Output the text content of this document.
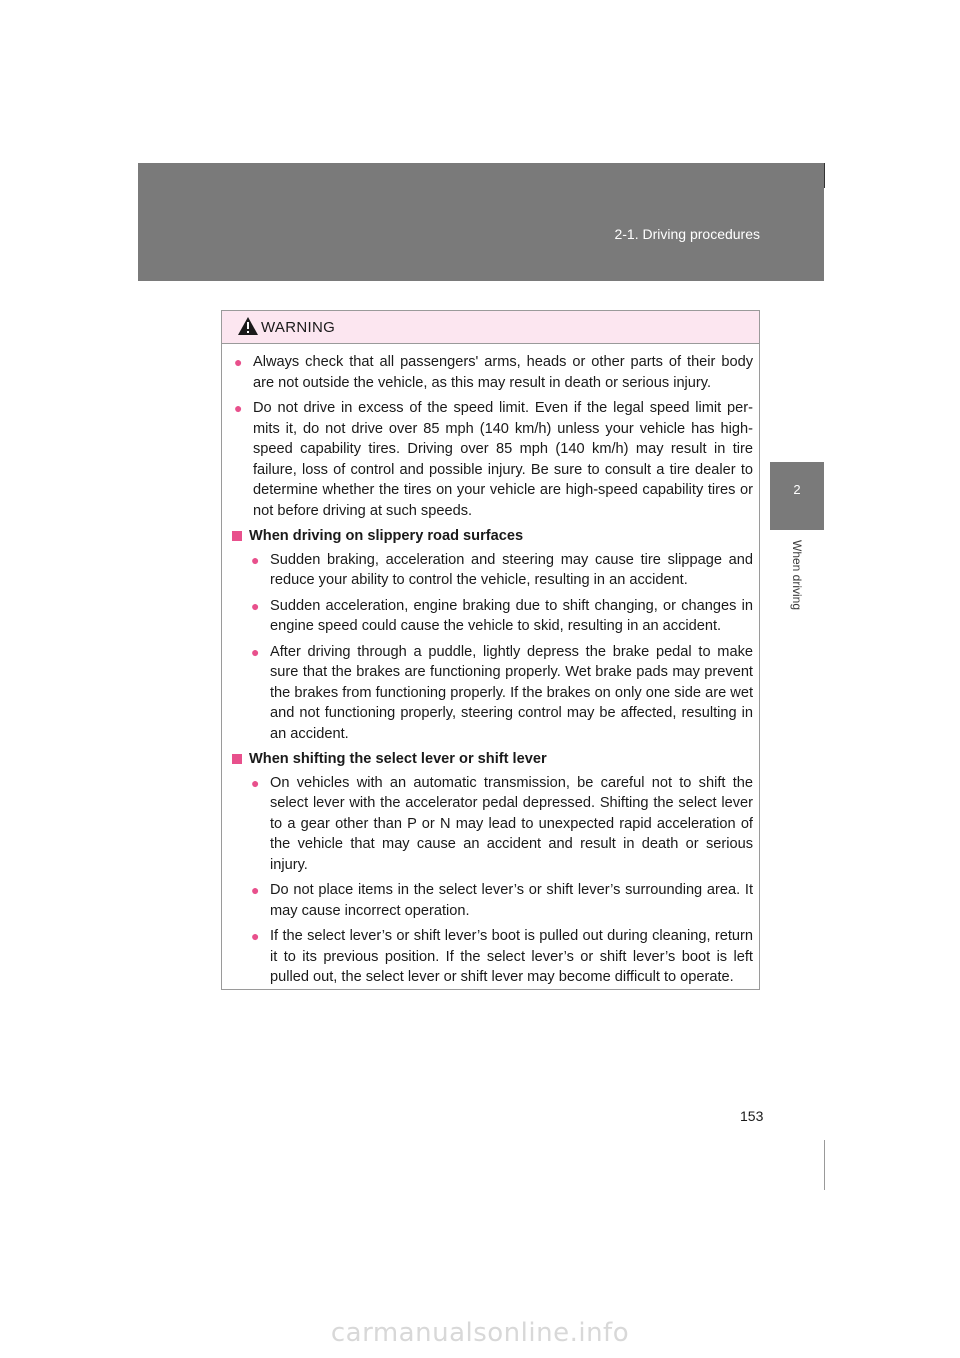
2-1. Driving procedures
2
When driving
WARNING
● Always check that all passengers' arms, heads or other parts of their body are not outside the vehicle, as this may result in death or serious injury.
● Do not drive in excess of the speed limit. Even if the legal speed limit per-mits it, do not drive over 85 mph (140 km/h) unless your vehicle has high-speed capability tires. Driving over 85 mph (140 km/h) may result in tire failure, loss of control and possible injury. Be sure to consult a tire dealer to determine whether the tires on your vehicle are high-speed capability tires or not before driving at such speeds.
When driving on slippery road surfaces
● Sudden braking, acceleration and steering may cause tire slippage and reduce your ability to control the vehicle, resulting in an accident.
● Sudden acceleration, engine braking due to shift changing, or changes in engine speed could cause the vehicle to skid, resulting in an accident.
● After driving through a puddle, lightly depress the brake pedal to make sure that the brakes are functioning properly. Wet brake pads may prevent the brakes from functioning properly. If the brakes on only one side are wet and not functioning properly, steering control may be affected, resulting in an accident.
When shifting the select lever or shift lever
● On vehicles with an automatic transmission, be careful not to shift the select lever with the accelerator pedal depressed. Shifting the select lever to a gear other than P or N may lead to unexpected rapid acceleration of the vehicle that may cause an accident and result in death or serious injury.
● Do not place items in the select lever’s or shift lever’s surrounding area. It may cause incorrect operation.
● If the select lever’s or shift lever’s boot is pulled out during cleaning, return it to its previous position. If the select lever’s or shift lever’s boot is left pulled out, the select lever or shift lever may become difficult to operate.
153
carmanualsonline.info
